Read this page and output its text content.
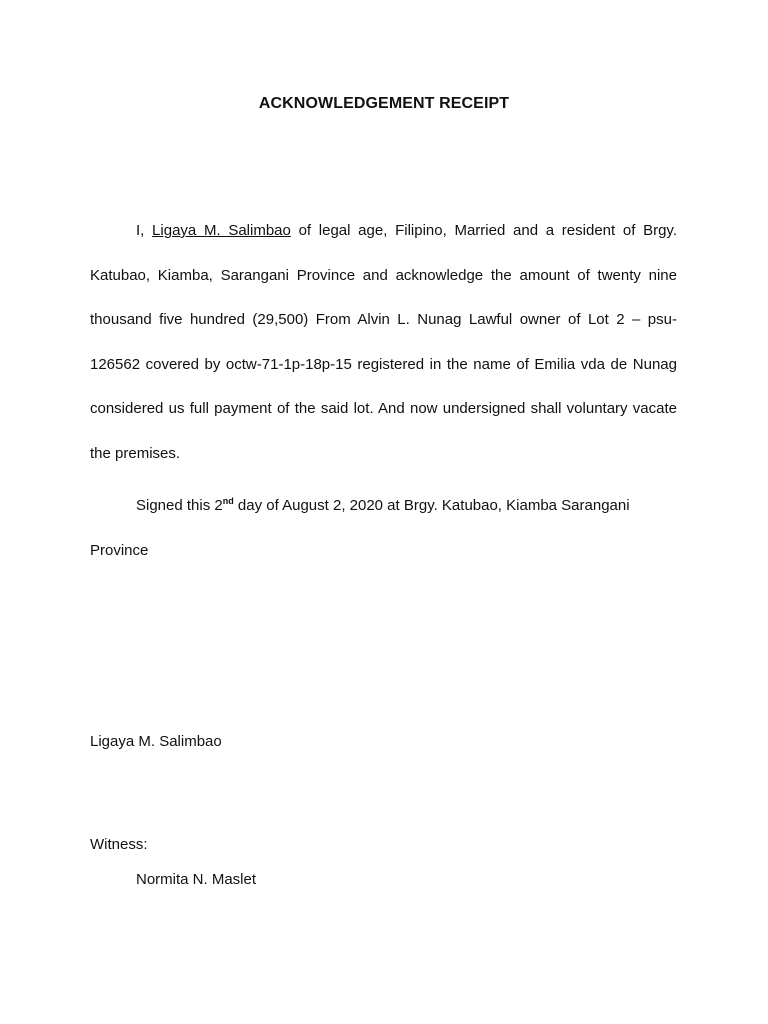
ACKNOWLEDGEMENT RECEIPT

I, Ligaya M. Salimbao of legal age, Filipino, Married and a resident of Brgy. Katubao, Kiamba, Sarangani Province and acknowledge the amount of twenty nine thousand five hundred (29,500) From Alvin L. Nunag Lawful owner of Lot 2 – psu-126562 covered by octw-71-1p-18p-15 registered in the name of Emilia vda de Nunag considered us full payment of the said lot. And now undersigned shall voluntary vacate the premises.

Signed this 2nd day of August 2, 2020 at Brgy. Katubao, Kiamba Sarangani Province

Ligaya M. Salimbao
Witness:
Normita N. Maslet
